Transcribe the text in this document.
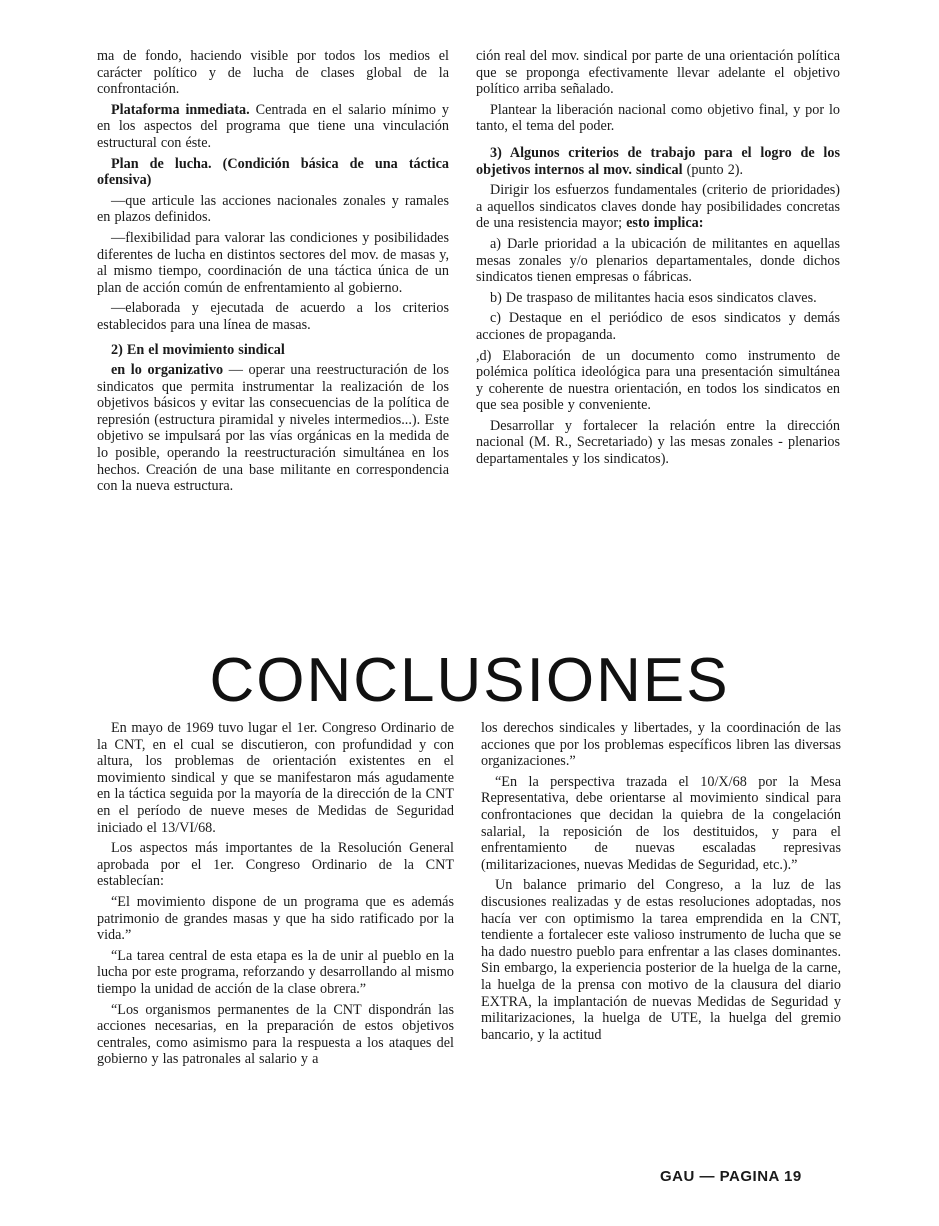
ma de fondo, haciendo visible por todos los medios el carácter político y de lucha de clases global de la confrontación.

Plataforma inmediata. Centrada en el salario mínimo y en los aspectos del programa que tiene una vinculación estructural con éste.

Plan de lucha. (Condición básica de una táctica ofensiva)

—que articule las acciones nacionales zonales y ramales en plazos definidos.

—flexibilidad para valorar las condiciones y posibilidades diferentes de lucha en distintos sectores del mov. de masas y, al mismo tiempo, coordinación de una táctica única de un plan de acción común de enfrentamiento al gobierno.

—elaborada y ejecutada de acuerdo a los criterios establecidos para una línea de masas.

2) En el movimiento sindical

en lo organizativo — operar una reestructuración de los sindicatos que permita instrumentar la realización de los objetivos básicos y evitar las consecuencias de la política de represión (estructura piramidal y niveles intermedios...). Este objetivo se impulsará por las vías orgánicas en la medida de lo posible, operando la reestructuración simultánea en los hechos. Creación de una base militante en correspondencia con la nueva estructura.

ción real del mov. sindical por parte de una orientación política que se proponga efectivamente llevar adelante el objetivo político arriba señalado.

Plantear la liberación nacional como objetivo final, y por lo tanto, el tema del poder.

3) Algunos criterios de trabajo para el logro de los objetivos internos al mov. sindical (punto 2).

Dirigir los esfuerzos fundamentales (criterio de prioridades) a aquellos sindicatos claves donde hay posibilidades concretas de una resistencia mayor; esto implica:

a) Darle prioridad a la ubicación de militantes en aquellas mesas zonales y/o plenarios departamentales, donde dichos sindicatos tienen empresas o fábricas.

b) De traspaso de militantes hacia esos sindicatos claves.

c) Destaque en el periódico de esos sindicatos y demás acciones de propaganda.

,d) Elaboración de un documento como instrumento de polémica política ideológica para una presentación simultánea y coherente de nuestra orientación, en todos los sindicatos en que sea posible y conveniente.

Desarrollar y fortalecer la relación entre la dirección nacional (M. R., Secretariado) y las mesas zonales - plenarios departamentales y los sindicatos).

CONCLUSIONES

En mayo de 1969 tuvo lugar el 1er. Congreso Ordinario de la CNT, en el cual se discutieron, con profundidad y con altura, los problemas de orientación existentes en el movimiento sindical y que se manifestaron más agudamente en la táctica seguida por la mayoría de la dirección de la CNT en el período de nueve meses de Medidas de Seguridad iniciado el 13/VI/68.

Los aspectos más importantes de la Resolución General aprobada por el 1er. Congreso Ordinario de la CNT establecían:

“El movimiento dispone de un programa que es además patrimonio de grandes masas y que ha sido ratificado por la vida.”

“La tarea central de esta etapa es la de unir al pueblo en la lucha por este programa, reforzando y desarrollando al mismo tiempo la unidad de acción de la clase obrera.”

“Los organismos permanentes de la CNT dispondrán las acciones necesarias, en la preparación de estos objetivos centrales, como asimismo para la respuesta a los ataques del gobierno y las patronales al salario y a

los derechos sindicales y libertades, y la coordinación de las acciones que por los problemas específicos libren las diversas organizaciones.”

“En la perspectiva trazada el 10/X/68 por la Mesa Representativa, debe orientarse al movimiento sindical para confrontaciones que decidan la quiebra de la congelación salarial, la reposición de los destituidos, y para el enfrentamiento de nuevas escaladas represivas (militarizaciones, nuevas Medidas de Seguridad, etc.).”

Un balance primario del Congreso, a la luz de las discusiones realizadas y de estas resoluciones adoptadas, nos hacía ver con optimismo la tarea emprendida en la CNT, tendiente a fortalecer este valioso instrumento de lucha que se ha dado nuestro pueblo para enfrentar a las clases dominantes. Sin embargo, la experiencia posterior de la huelga de la carne, la huelga de la prensa con motivo de la clausura del diario EXTRA, la implantación de nuevas Medidas de Seguridad y militarizaciones, la huelga de UTE, la huelga del gremio bancario, y la actitud

GAU — PAGINA 19
